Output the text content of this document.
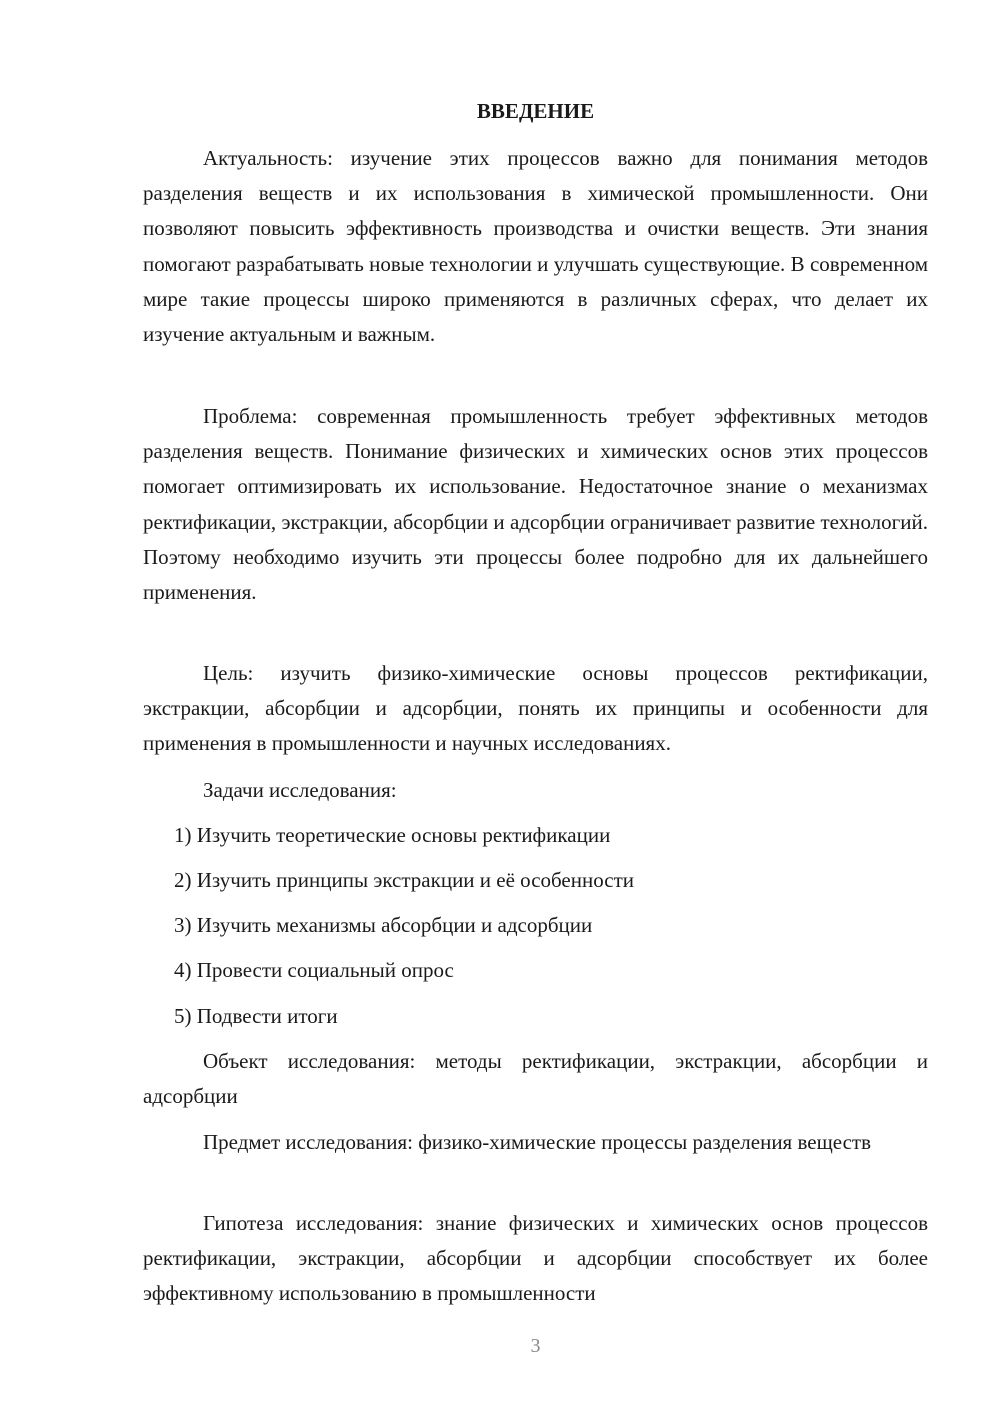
ВВЕДЕНИЕ

Актуальность: изучение этих процессов важно для понимания методов разделения веществ и их использования в химической промышленности. Они позволяют повысить эффективность производства и очистки веществ. Эти знания помогают разрабатывать новые технологии и улучшать существующие. В современном мире такие процессы широко применяются в различных сферах, что делает их изучение актуальным и важным.

Проблема: современная промышленность требует эффективных методов разделения веществ. Понимание физических и химических основ этих процессов помогает оптимизировать их использование. Недостаточное знание о механизмах ректификации, экстракции, абсорбции и адсорбции ограничивает развитие технологий. Поэтому необходимо изучить эти процессы более подробно для их дальнейшего применения.

Цель: изучить физико-химические основы процессов ректификации, экстракции, абсорбции и адсорбции, понять их принципы и особенности для применения в промышленности и научных исследованиях.

Задачи исследования:

1) Изучить теоретические основы ректификации

2) Изучить принципы экстракции и её особенности

3) Изучить механизмы абсорбции и адсорбции

4) Провести социальный опрос

5) Подвести итоги

Объект исследования: методы ректификации, экстракции, абсорбции и адсорбции

Предмет исследования: физико-химические процессы разделения веществ

Гипотеза исследования: знание физических и химических основ процессов ректификации, экстракции, абсорбции и адсорбции способствует их более эффективному использованию в промышленности

3
